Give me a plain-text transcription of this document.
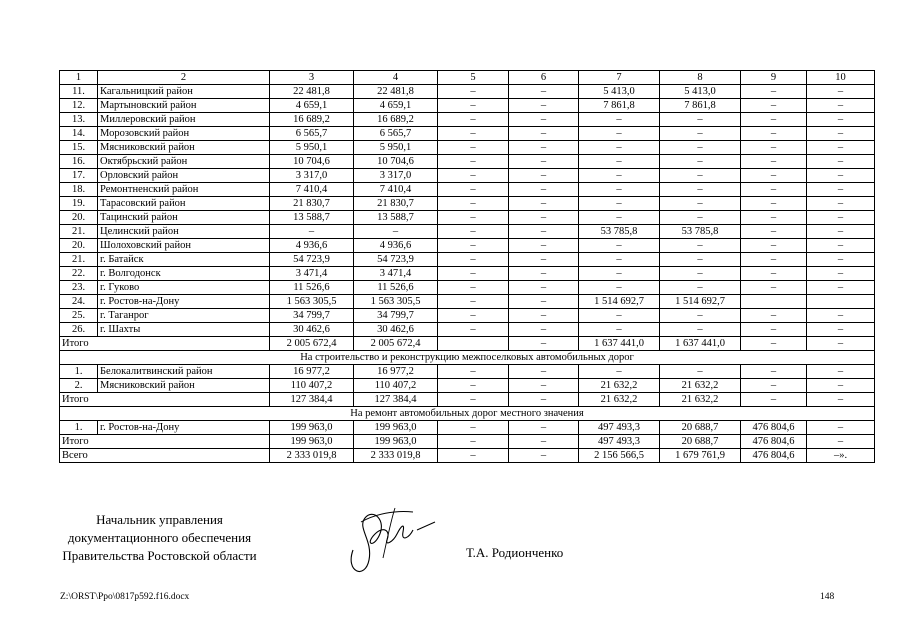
1	2	3	4	5	6	7	8	9	10
11.	Кагальницкий район	22 481,8	22 481,8	–	–	5 413,0	5 413,0	–	–
12.	Мартыновский район	4 659,1	4 659,1	–	–	7 861,8	7 861,8	–	–
13.	Миллеровский район	16 689,2	16 689,2	–	–	–	–	–	–
14.	Морозовский район	6 565,7	6 565,7	–	–	–	–	–	–
15.	Мясниковский район	5 950,1	5 950,1	–	–	–	–	–	–
16.	Октябрьский район	10 704,6	10 704,6	–	–	–	–	–	–
17.	Орловский район	3 317,0	3 317,0	–	–	–	–	–	–
18.	Ремонтненский район	7 410,4	7 410,4	–	–	–	–	–	–
19.	Тарасовский район	21 830,7	21 830,7	–	–	–	–	–	–
20.	Тацинский район	13 588,7	13 588,7	–	–	–	–	–	–
21.	Целинский район	–	–	–	–	53 785,8	53 785,8	–	–
20.	Шолоховский район	4 936,6	4 936,6	–	–	–	–	–	–
21.	г. Батайск	54 723,9	54 723,9	–	–	–	–	–	–
22.	г. Волгодонск	3 471,4	3 471,4	–	–	–	–	–	–
23.	г. Гуково	11 526,6	11 526,6	–	–	–	–	–	–
24.	г. Ростов-на-Дону	1 563 305,5	1 563 305,5	–	–	1 514 692,7	1 514 692,7		
25.	г. Таганрог	34 799,7	34 799,7	–	–	–	–	–	–
26.	г. Шахты	30 462,6	30 462,6	–	–	–	–	–	–
Итого		2 005 672,4	2 005 672,4		–	1 637 441,0	1 637 441,0	–	–
На строительство и реконструкцию межпоселковых автомобильных дорог									
1.	Белокалитвинский район	16 977,2	16 977,2	–	–	–	–	–	–
2.	Мясниковский район	110 407,2	110 407,2	–	–	21 632,2	21 632,2	–	–
Итого		127 384,4	127 384,4	–	–	21 632,2	21 632,2	–	–
На ремонт автомобильных дорог местного значения									
1.	г. Ростов-на-Дону	199 963,0	199 963,0	–	–	497 493,3	20 688,7	476 804,6	–
Итого		199 963,0	199 963,0	–	–	497 493,3	20 688,7	476 804,6	–
Всего		2 333 019,8	2 333 019,8	–	–	2 156 566,5	1 679 761,9	476 804,6	–».
Начальник управления
документационного обеспечения
Правительства Ростовской области	Т.А. Родионченко
Z:\ORST\Ppo\0817p592.f16.docx	148
